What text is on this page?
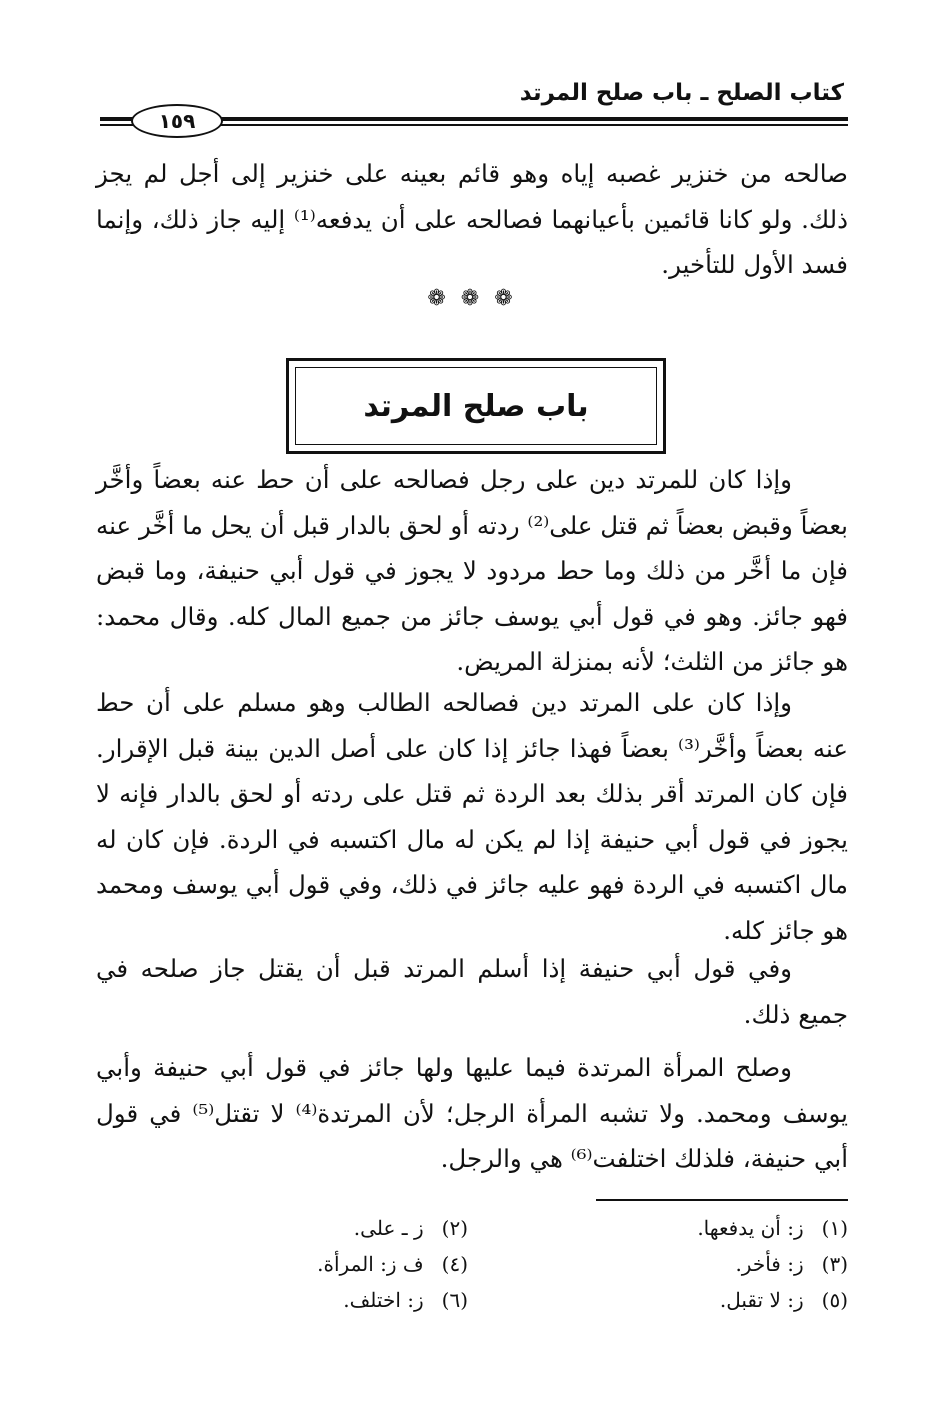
كتاب الصلح ـ باب صلح المرتد
١٥٩
صالحه من خنزير غصبه إياه وهو قائم بعينه على خنزير إلى أجل لم يجز ذلك. ولو كانا قائمين بأعيانهما فصالحه على أن يدفعه⁽¹⁾ إليه جاز ذلك، وإنما فسد الأول للتأخير.
❁ ❁ ❁
باب صلح المرتد
وإذا كان للمرتد دين على رجل فصالحه على أن حط عنه بعضاً وأخَّر بعضاً وقبض بعضاً ثم قتل على⁽²⁾ ردته أو لحق بالدار قبل أن يحل ما أخَّر عنه فإن ما أخَّر من ذلك وما حط مردود لا يجوز في قول أبي حنيفة، وما قبض فهو جائز. وهو في قول أبي يوسف جائز من جميع المال كله. وقال محمد: هو جائز من الثلث؛ لأنه بمنزلة المريض.
وإذا كان على المرتد دين فصالحه الطالب وهو مسلم على أن حط عنه بعضاً وأخَّر⁽³⁾ بعضاً فهذا جائز إذا كان على أصل الدين بينة قبل الإقرار. فإن كان المرتد أقر بذلك بعد الردة ثم قتل على ردته أو لحق بالدار فإنه لا يجوز في قول أبي حنيفة إذا لم يكن له مال اكتسبه في الردة. فإن كان له مال اكتسبه في الردة فهو عليه جائز في ذلك، وفي قول أبي يوسف ومحمد هو جائز كله.
وفي قول أبي حنيفة إذا أسلم المرتد قبل أن يقتل جاز صلحه في جميع ذلك.
وصلح المرأة المرتدة فيما عليها ولها جائز في قول أبي حنيفة وأبي يوسف ومحمد. ولا تشبه المرأة الرجل؛ لأن المرتدة⁽⁴⁾ لا تقتل⁽⁵⁾ في قول أبي حنيفة، فلذلك اختلفت⁽⁶⁾ هي والرجل.
(١)ز: أن يدفعها.
(٢)ز ـ على.
(٣)ز: فأخر.
(٤)ف ز: المرأة.
(٥)ز: لا تقبل.
(٦)ز: اختلف.
